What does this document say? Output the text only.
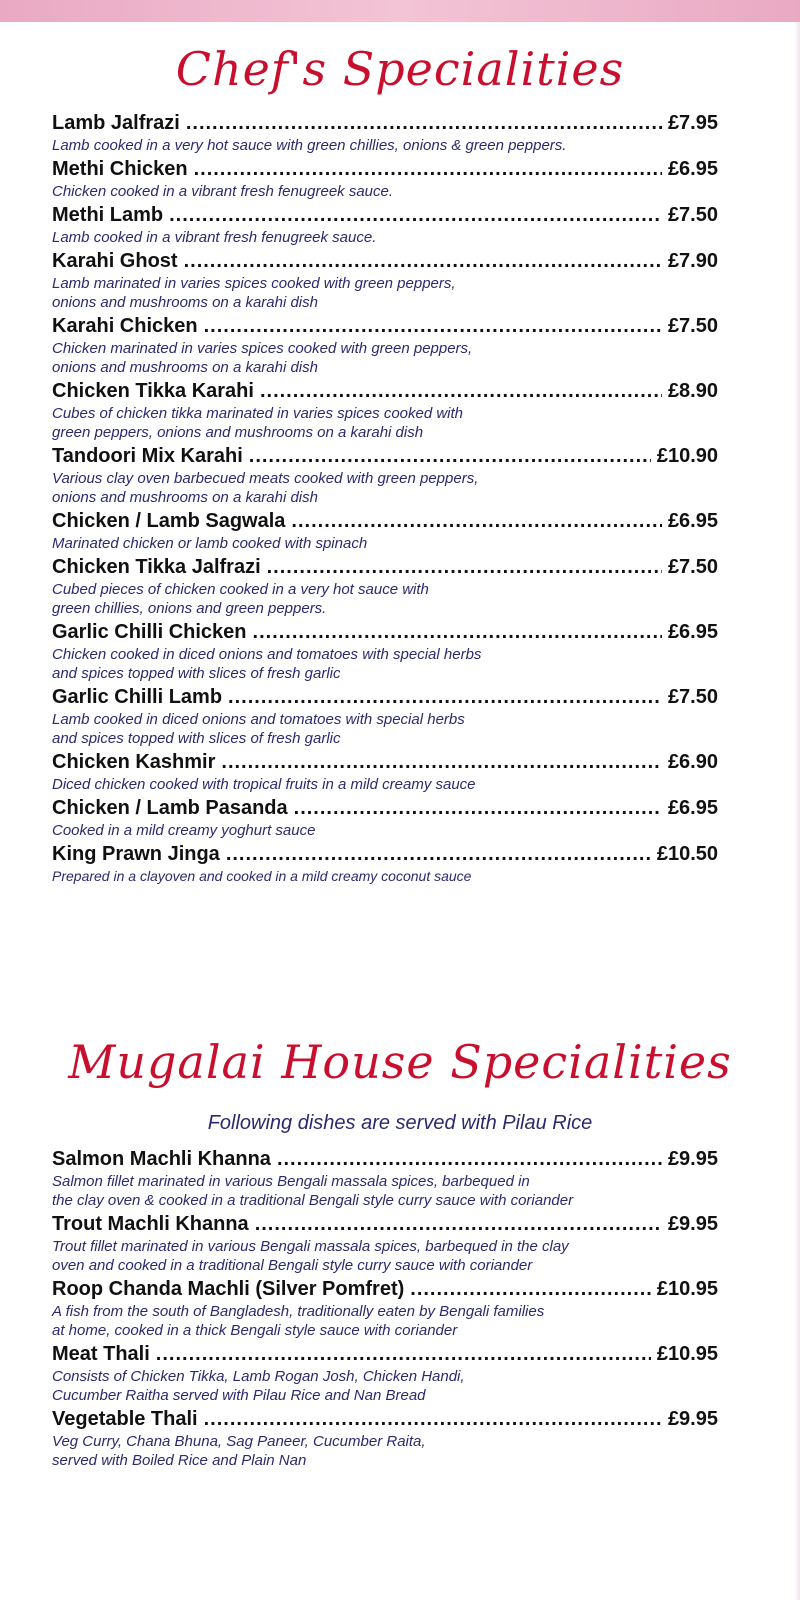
Chef's Specialities
Lamb Jalfrazi .....	£7.95
Lamb cooked in a very hot sauce with green chillies, onions & green peppers.
Methi Chicken .....	£6.95
Chicken cooked in a vibrant fresh fenugreek sauce.
Methi Lamb .....	£7.50
Lamb cooked in a vibrant fresh fenugreek sauce.
Karahi Ghost .....	£7.90
Lamb marinated in varies spices cooked with green peppers,
onions and mushrooms on a karahi dish
Karahi Chicken .....	£7.50
Chicken marinated in varies spices cooked with green peppers,
onions and mushrooms on a karahi dish
Chicken Tikka Karahi .....	£8.90
Cubes of chicken tikka marinated in varies spices cooked with
green peppers, onions and mushrooms on a karahi dish
Tandoori Mix Karahi .....	£10.90
Various clay oven barbecued meats cooked with green peppers,
onions and mushrooms on a karahi dish
Chicken / Lamb Sagwala .....	£6.95
Marinated chicken or lamb cooked with spinach
Chicken Tikka Jalfrazi .....	£7.50
Cubed pieces of chicken cooked in a very hot sauce with
green chillies, onions and green peppers.
Garlic Chilli Chicken .....	£6.95
Chicken cooked in diced onions and tomatoes with special herbs
and spices topped with slices of fresh garlic
Garlic Chilli Lamb .....	£7.50
Lamb cooked in diced onions and tomatoes with special herbs
and spices topped with slices of fresh garlic
Chicken Kashmir .....	£6.90
Diced chicken cooked with tropical fruits in a mild creamy sauce
Chicken / Lamb Pasanda .....	£6.95
Cooked in a mild creamy yoghurt sauce
King Prawn Jinga .....	£10.50
Prepared in a clayoven and cooked in a mild creamy coconut sauce
Mugalai House Specialities
Following dishes are served with Pilau Rice
Salmon Machli Khanna .....	£9.95
Salmon fillet marinated in various Bengali massala spices, barbequed in
the clay oven & cooked in a traditional Bengali style curry sauce with coriander
Trout Machli Khanna .....	£9.95
Trout fillet marinated in various Bengali massala spices, barbequed in the clay
oven and cooked in a traditional Bengali style curry sauce with coriander
Roop Chanda Machli (Silver Pomfret) .....	£10.95
A fish from the south of Bangladesh, traditionally eaten by Bengali families
at home, cooked in a thick Bengali style sauce with coriander
Meat Thali .....	£10.95
Consists of Chicken Tikka, Lamb Rogan Josh, Chicken Handi,
Cucumber Raitha served with Pilau Rice and Nan Bread
Vegetable Thali .....	£9.95
Veg Curry, Chana Bhuna, Sag Paneer, Cucumber Raita,
served with Boiled Rice and Plain Nan
